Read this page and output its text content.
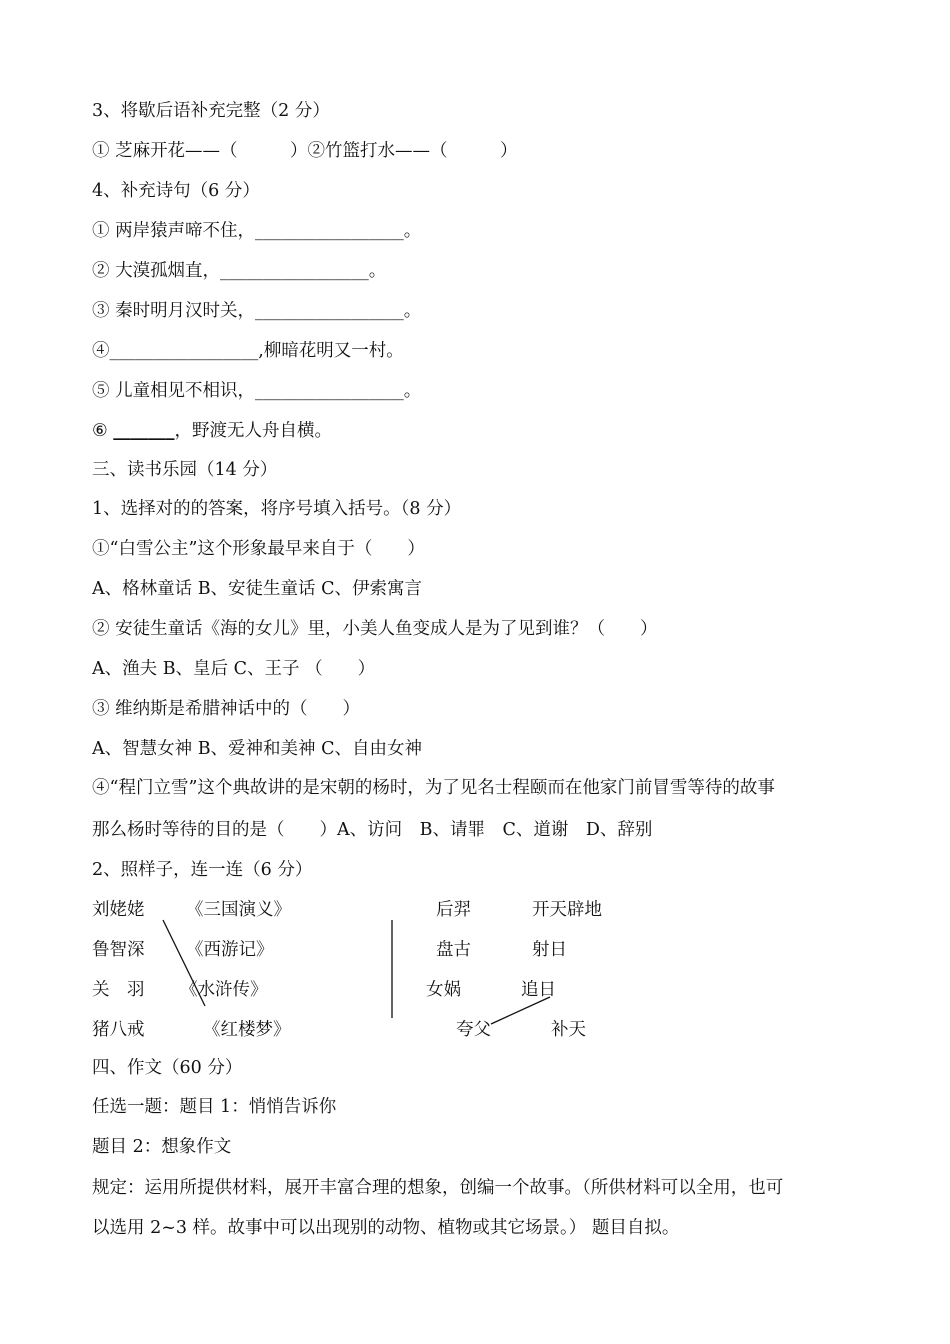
3、将歇后语补充完整（2 分）
① 芝麻开花——（　　　）②竹篮打水——（　　　）
4、补充诗句（6 分）
① 两岸猿声啼不住，_________________。
② 大漠孤烟直，_________________。
③ 秦时明月汉时关，_________________。
④_________________,柳暗花明又一村。
⑤ 儿童相见不相识，_________________。
⑥ _______，野渡无人舟自横。
三、读书乐园（14 分）
1、选择对的的答案，将序号填入括号。（8 分）
①“白雪公主”这个形象最早来自于（　　）
A、格林童话 B、安徒生童话 C、伊索寓言
② 安徒生童话《海的女儿》里，小美人鱼变成人是为了见到谁？（　　）
A、渔夫 B、皇后 C、王子 （　　）
③ 维纳斯是希腊神话中的（　　）
A、智慧女神 B、爱神和美神 C、自由女神
④“程门立雪”这个典故讲的是宋朝的杨时，为了见名士程颐而在他家门前冒雪等待的故事
那么杨时等待的目的是（　　）A、访问　B、请罪　C、道谢　D、辞别
2、照样子，连一连（6 分）
刘姥姥
鲁智深
关　羽
猪八戒
《三国演义》
《西游记》
《水浒传》
《红楼梦》
后羿
盘古
女娲
夸父
开天辟地
射日
追日
补天
四、作文（60 分）
任选一题：题目 1：悄悄告诉你
题目 2：想象作文
规定：运用所提供材料，展开丰富合理的想象，创编一个故事。（所供材料可以全用，也可
以选用 2~3 样。故事中可以出现别的动物、植物或其它场景。） 题目自拟。
